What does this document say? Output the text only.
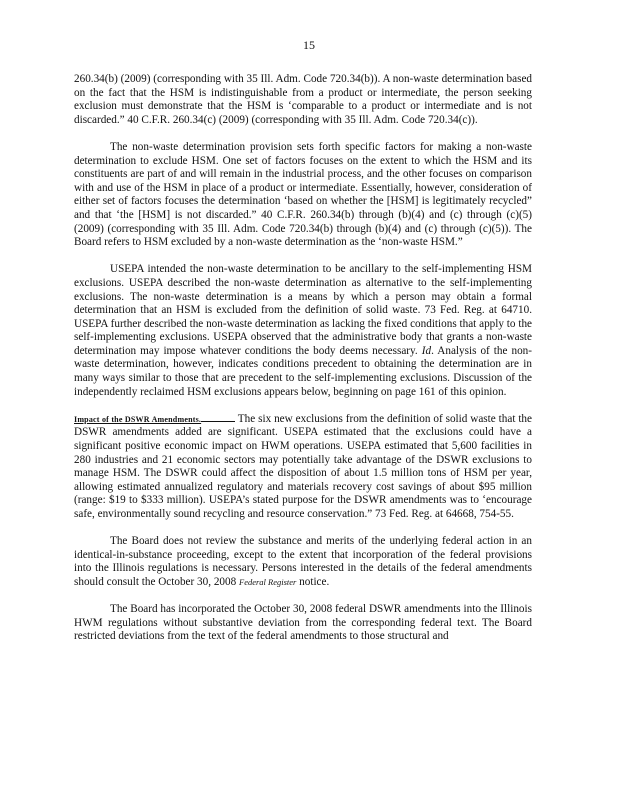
15

260.34(b) (2009) (corresponding with 35 Ill. Adm. Code 720.34(b)). A non-waste determination based on the fact that the HSM is indistinguishable from a product or intermediate, the person seeking exclusion must demonstrate that the HSM is ‘comparable to a product or intermediate and is not discarded.” 40 C.F.R. 260.34(c) (2009) (corresponding with 35 Ill. Adm. Code 720.34(c)).

The non-waste determination provision sets forth specific factors for making a non-waste determination to exclude HSM. One set of factors focuses on the extent to which the HSM and its constituents are part of and will remain in the industrial process, and the other focuses on comparison with and use of the HSM in place of a product or intermediate. Essentially, however, consideration of either set of factors focuses the determination ‘based on whether the [HSM] is legitimately recycled” and that ‘the [HSM] is not discarded.” 40 C.F.R. 260.34(b) through (b)(4) and (c) through (c)(5) (2009) (corresponding with 35 Ill. Adm. Code 720.34(b) through (b)(4) and (c) through (c)(5)). The Board refers to HSM excluded by a non-waste determination as the ‘non-waste HSM.”

USEPA intended the non-waste determination to be ancillary to the self-implementing HSM exclusions. USEPA described the non-waste determination as alternative to the self-implementing exclusions. The non-waste determination is a means by which a person may obtain a formal determination that an HSM is excluded from the definition of solid waste. 73 Fed. Reg. at 64710. USEPA further described the non-waste determination as lacking the fixed conditions that apply to the self-implementing exclusions. USEPA observed that the administrative body that grants a non-waste determination may impose whatever conditions the body deems necessary. Id. Analysis of the non-waste determination, however, indicates conditions precedent to obtaining the determination are in many ways similar to those that are precedent to the self-implementing exclusions. Discussion of the independently reclaimed HSM exclusions appears below, beginning on page 161 of this opinion.

Impact of the DSWR Amendments.	The six new exclusions from the definition of solid waste that the DSWR amendments added are significant. USEPA estimated that the exclusions could have a significant positive economic impact on HWM operations. USEPA estimated that 5,600 facilities in 280 industries and 21 economic sectors may potentially take advantage of the DSWR exclusions to manage HSM. The DSWR could affect the disposition of about 1.5 million tons of HSM per year, allowing estimated annualized regulatory and materials recovery cost savings of about $95 million (range: $19 to $333 million). USEPA’s stated purpose for the DSWR amendments was to ‘encourage safe, environmentally sound recycling and resource conservation.” 73 Fed. Reg. at 64668, 754-55.

The Board does not review the substance and merits of the underlying federal action in an identical-in-substance proceeding, except to the extent that incorporation of the federal provisions into the Illinois regulations is necessary. Persons interested in the details of the federal amendments should consult the October 30, 2008 Federal Register notice.

The Board has incorporated the October 30, 2008 federal DSWR amendments into the Illinois HWM regulations without substantive deviation from the corresponding federal text. The Board restricted deviations from the text of the federal amendments to those structural and
